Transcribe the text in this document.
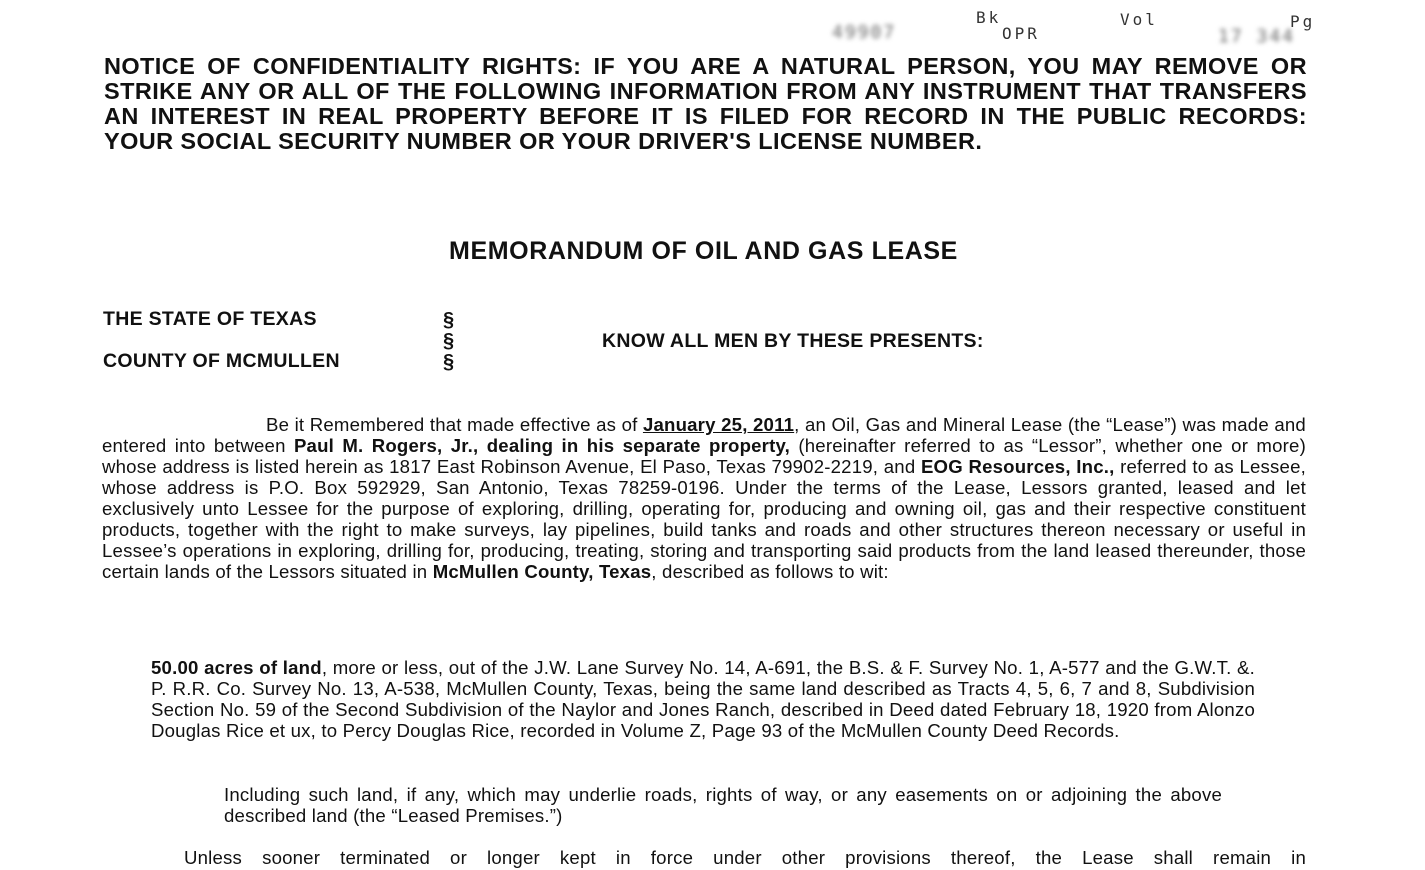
49907
Bk
OPR
Vol
17 344
Pg
NOTICE OF CONFIDENTIALITY RIGHTS: IF YOU ARE A NATURAL PERSON, YOU MAY REMOVE OR STRIKE ANY OR ALL OF THE FOLLOWING INFORMATION FROM ANY INSTRUMENT THAT TRANSFERS AN INTEREST IN REAL PROPERTY BEFORE IT IS FILED FOR RECORD IN THE PUBLIC RECORDS: YOUR SOCIAL SECURITY NUMBER OR YOUR DRIVER'S LICENSE NUMBER.
MEMORANDUM OF OIL AND GAS LEASE
THE STATE OF TEXAS
COUNTY OF MCMULLEN
§
§
§
KNOW ALL MEN BY THESE PRESENTS:
Be it Remembered that made effective as of January 25, 2011, an Oil, Gas and Mineral Lease (the “Lease”) was made and entered into between Paul M. Rogers, Jr., dealing in his separate property, (hereinafter referred to as “Lessor”, whether one or more) whose address is listed herein as 1817 East Robinson Avenue, El Paso, Texas 79902-2219, and EOG Resources, Inc., referred to as Lessee, whose address is P.O. Box 592929, San Antonio, Texas 78259-0196. Under the terms of the Lease, Lessors granted, leased and let exclusively unto Lessee for the purpose of exploring, drilling, operating for, producing and owning oil, gas and their respective constituent products, together with the right to make surveys, lay pipelines, build tanks and roads and other structures thereon necessary or useful in Lessee’s operations in exploring, drilling for, producing, treating, storing and transporting said products from the land leased thereunder, those certain lands of the Lessors situated in McMullen County, Texas, described as follows to wit:
50.00 acres of land, more or less, out of the J.W. Lane Survey No. 14, A-691, the B.S. & F. Survey No. 1, A-577 and the G.W.T. &. P. R.R. Co. Survey No. 13, A-538, McMullen County, Texas, being the same land described as Tracts 4, 5, 6, 7 and 8, Subdivision Section No. 59 of the Second Subdivision of the Naylor and Jones Ranch, described in Deed dated February 18, 1920 from Alonzo Douglas Rice et ux, to Percy Douglas Rice, recorded in Volume Z, Page 93 of the McMullen County Deed Records.
Including such land, if any, which may underlie roads, rights of way, or any easements on or adjoining the above described land (the “Leased Premises.”)
Unless sooner terminated or longer kept in force under other provisions thereof, the Lease shall remain in
